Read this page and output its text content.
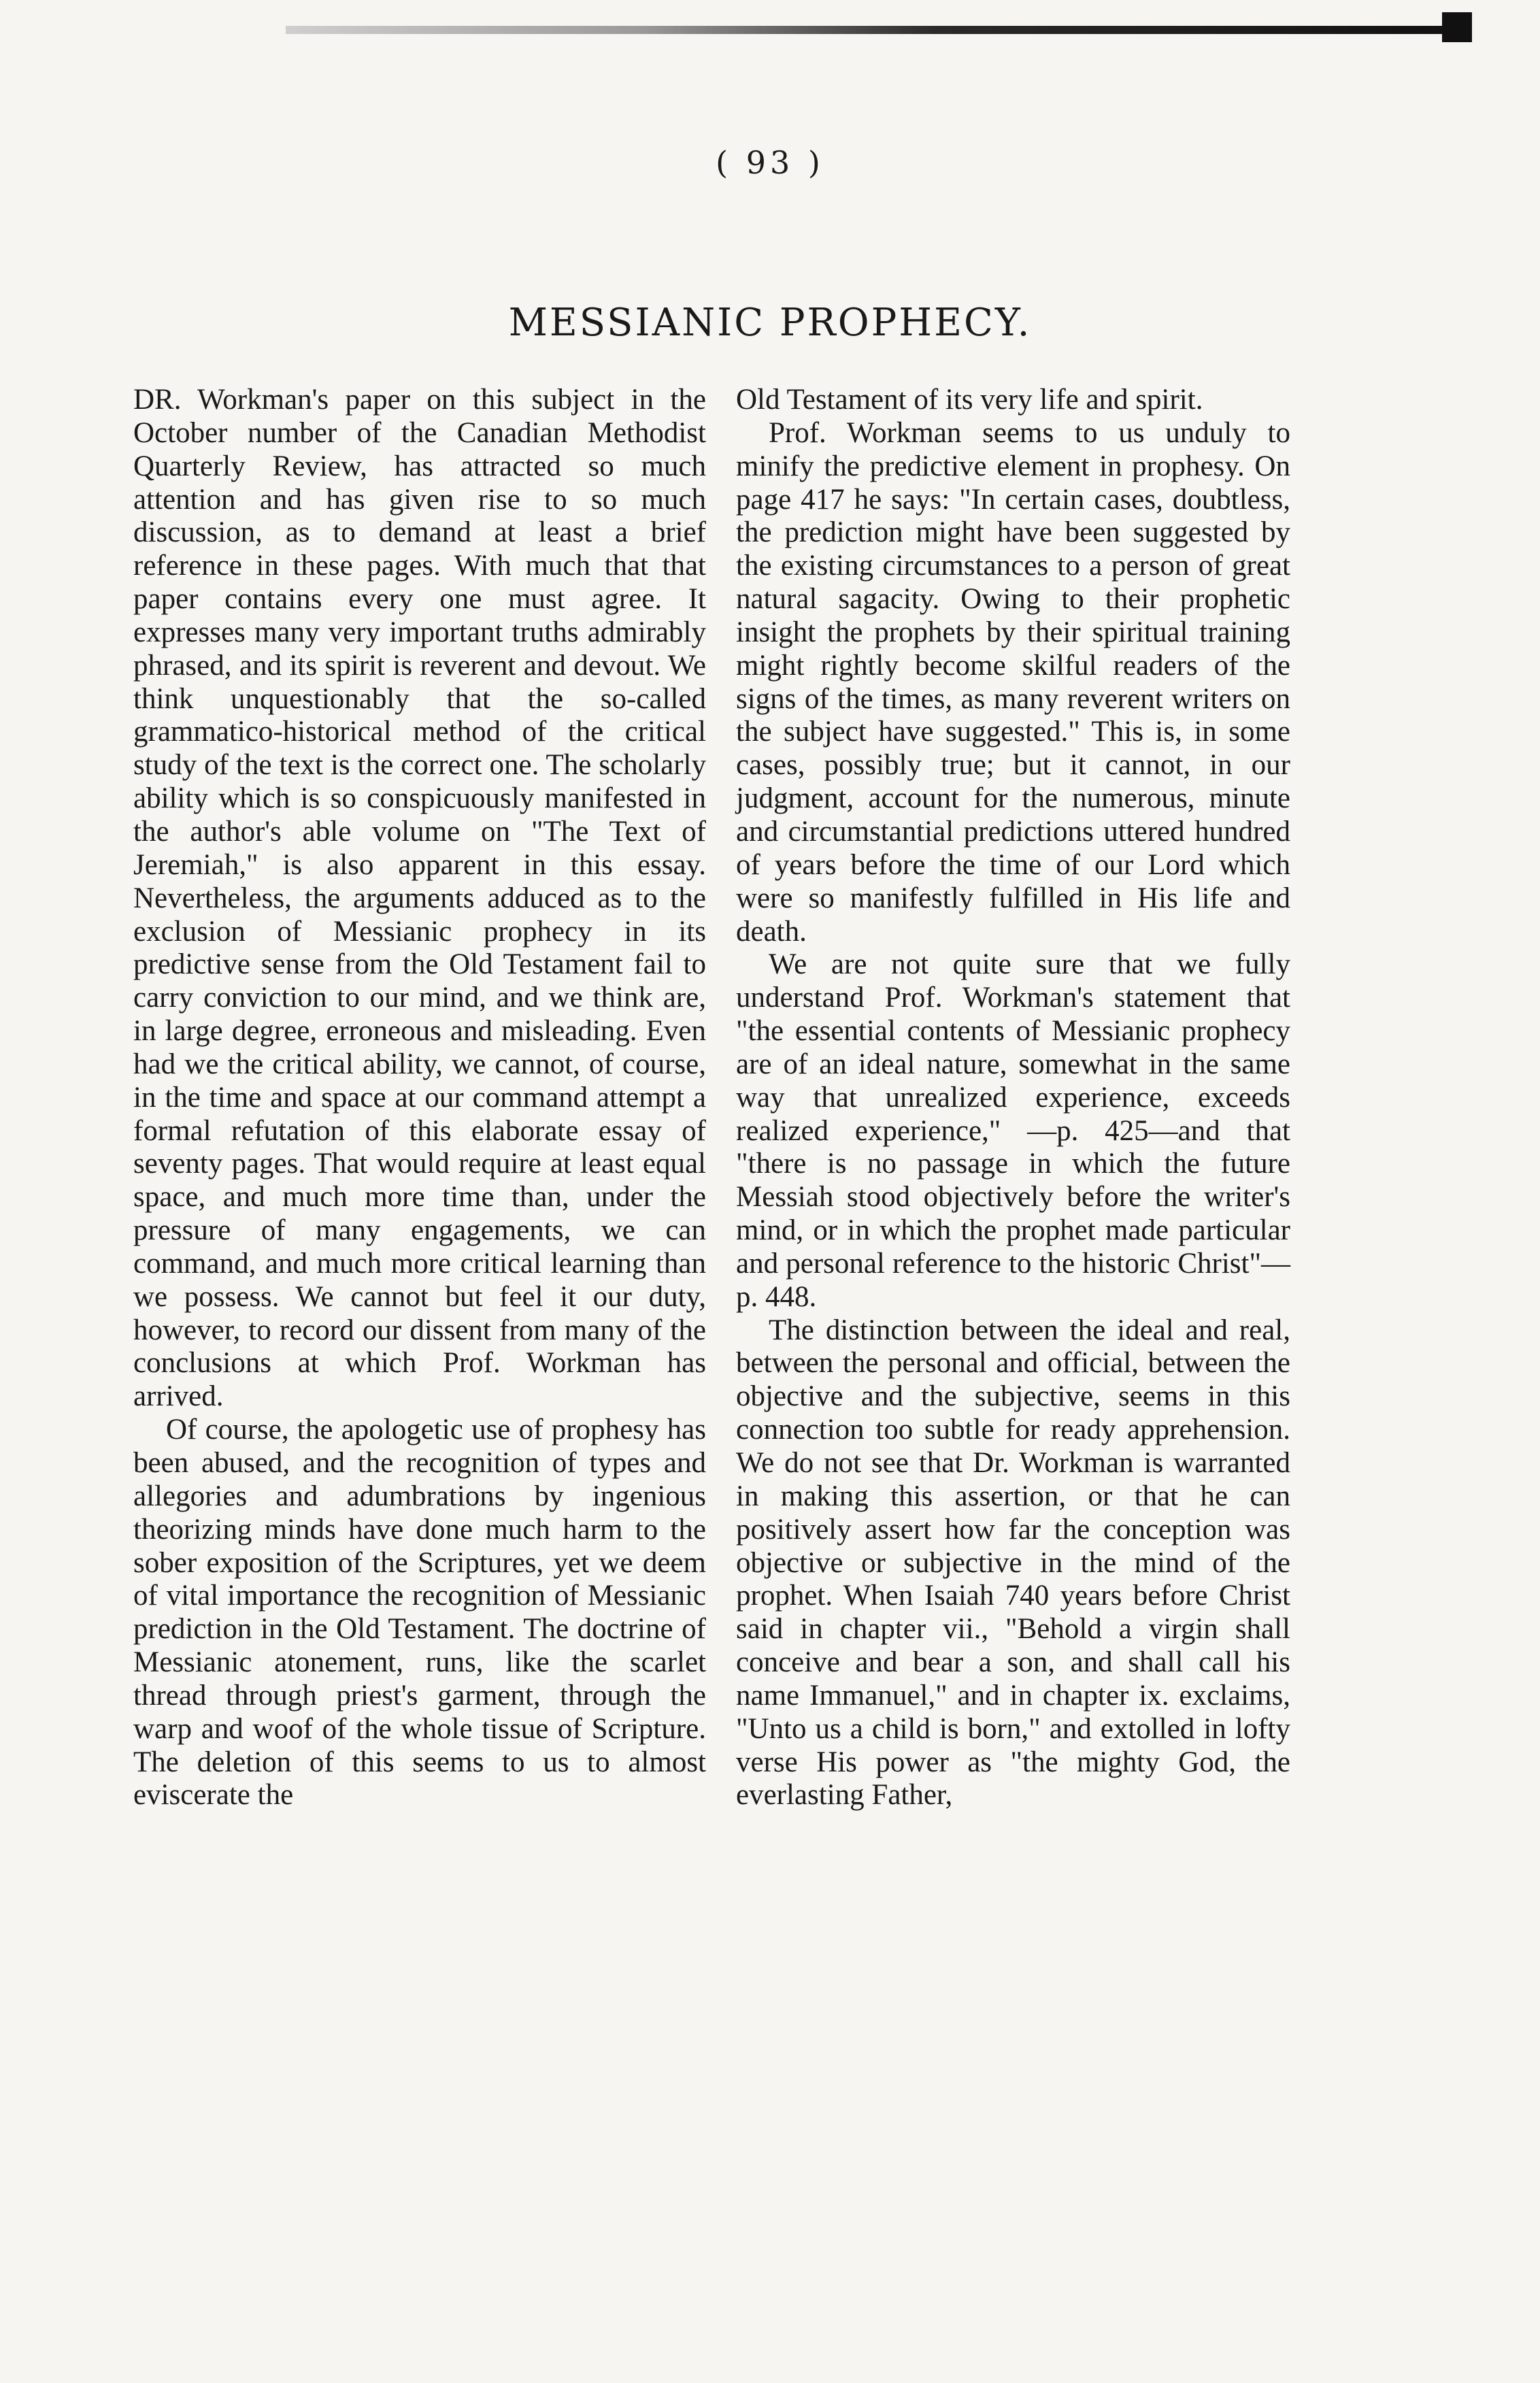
( 93 )
MESSIANIC PROPHECY.

DR. Workman's paper on this subject in the October number of the Canadian Methodist Quarterly Review, has attracted so much attention and has given rise to so much discussion, as to demand at least a brief reference in these pages. With much that that paper contains every one must agree. It expresses many very important truths admirably phrased, and its spirit is reverent and devout. We think unquestionably that the so-called grammatico-historical method of the critical study of the text is the correct one. The scholarly ability which is so conspicuously manifested in the author's able volume on "The Text of Jeremiah," is also apparent in this essay. Nevertheless, the arguments adduced as to the exclusion of Messianic prophecy in its predictive sense from the Old Testament fail to carry conviction to our mind, and we think are, in large degree, erroneous and misleading. Even had we the critical ability, we cannot, of course, in the time and space at our command attempt a formal refutation of this elaborate essay of seventy pages. That would require at least equal space, and much more time than, under the pressure of many engagements, we can command, and much more critical learning than we possess. We cannot but feel it our duty, however, to record our dissent from many of the conclusions at which Prof. Workman has arrived.

Of course, the apologetic use of prophesy has been abused, and the recognition of types and allegories and adumbrations by ingenious theorizing minds have done much harm to the sober exposition of the Scriptures, yet we deem of vital importance the recognition of Messianic prediction in the Old Testament. The doctrine of Messianic atonement, runs, like the scarlet thread through priest's garment, through the warp and woof of the whole tissue of Scripture. The deletion of this seems to us to almost eviscerate the

Old Testament of its very life and spirit.

Prof. Workman seems to us unduly to minify the predictive element in prophesy. On page 417 he says: "In certain cases, doubtless, the prediction might have been suggested by the existing circumstances to a person of great natural sagacity. Owing to their prophetic insight the prophets by their spiritual training might rightly become skilful readers of the signs of the times, as many reverent writers on the subject have suggested." This is, in some cases, possibly true; but it cannot, in our judgment, account for the numerous, minute and circumstantial predictions uttered hundred of years before the time of our Lord which were so manifestly fulfilled in His life and death.

We are not quite sure that we fully understand Prof. Workman's statement that "the essential contents of Messianic prophecy are of an ideal nature, somewhat in the same way that unrealized experience, exceeds realized experience," —p. 425—and that "there is no passage in which the future Messiah stood objectively before the writer's mind, or in which the prophet made particular and personal reference to the historic Christ"—p. 448.

The distinction between the ideal and real, between the personal and official, between the objective and the subjective, seems in this connection too subtle for ready apprehension. We do not see that Dr. Workman is warranted in making this assertion, or that he can positively assert how far the conception was objective or subjective in the mind of the prophet. When Isaiah 740 years before Christ said in chapter vii., "Behold a virgin shall conceive and bear a son, and shall call his name Immanuel," and in chapter ix. exclaims, "Unto us a child is born," and extolled in lofty verse His power as "the mighty God, the everlasting Father,
